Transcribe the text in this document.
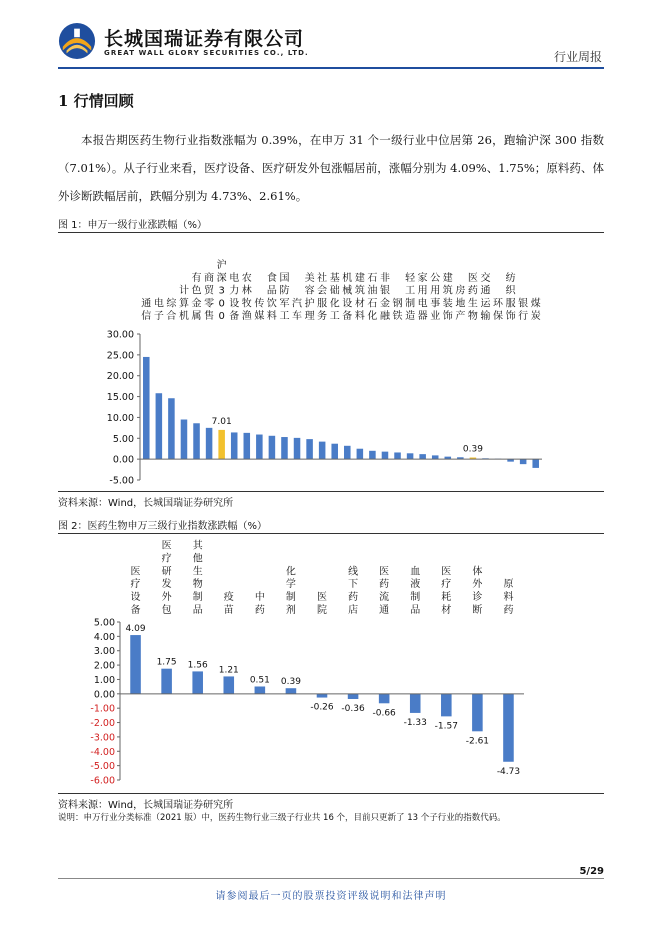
长城国瑞证券有限公司
GREAT WALL GLORY SECURITIES CO., LTD.	行业周报
1 行情回顾

本报告期医药生物行业指数涨幅为 0.39%，在申万 31 个一级行业中位居第 26，跑输沪深 300 指数（7.01%）。从子行业来看，医疗设备、医疗研发外包涨幅居前，涨幅分别为 4.09%、1.75%；原料药、体外诊断跌幅居前，跌幅分别为 4.73%、2.61%。

图 1：申万一级行业涨跌幅（%）
-5.00
0.00
5.00
10.00
15.00
20.00
25.00
30.00
通
信
电
子
综
合
计
算
机
有
色
金
属
商
贸
零
售
沪
深
3
0
0
7.01
电
力
设
备
农
林
牧
渔
传
媒
食
品
饮
料
国
防
军
工
汽
车
美
容
护
理
社
会
服
务
基
础
化
工
机
械
设
备
建
筑
材
料
石
油
石
化
非
银
金
融
钢
铁
轻
工
制
造
家
用
电
器
公
用
事
业
建
筑
装
饰
房
地
产
医
药
生
物
0.39
交
通
运
输
环
保
纺
织
服
饰
银
行
煤
炭
资料来源：Wind，长城国瑞证券研究所
图 2：医药生物申万三级行业指数涨跌幅（%）
-6.00
-5.00
-4.00
-3.00
-2.00
-1.00
0.00
1.00
2.00
3.00
4.00
5.00
医
疗
设
备
4.09
医
疗
研
发
外
包
1.75
其
他
生
物
制
品
1.56
疫
苗
1.21
中
药
0.51
化
学
制
剂
0.39
医
院
-0.26
线
下
药
店
-0.36
医
药
流
通
-0.66
血
液
制
品
-1.33
医
疗
耗
材
-1.57
体
外
诊
断
-2.61
原
料
药
-4.73
资料来源：Wind，长城国瑞证券研究所
说明：申万行业分类标准（2021 版）中，医药生物行业三级子行业共 16 个，目前只更新了 13 个子行业的指数代码。
5/29
请参阅最后一页的股票投资评级说明和法律声明
